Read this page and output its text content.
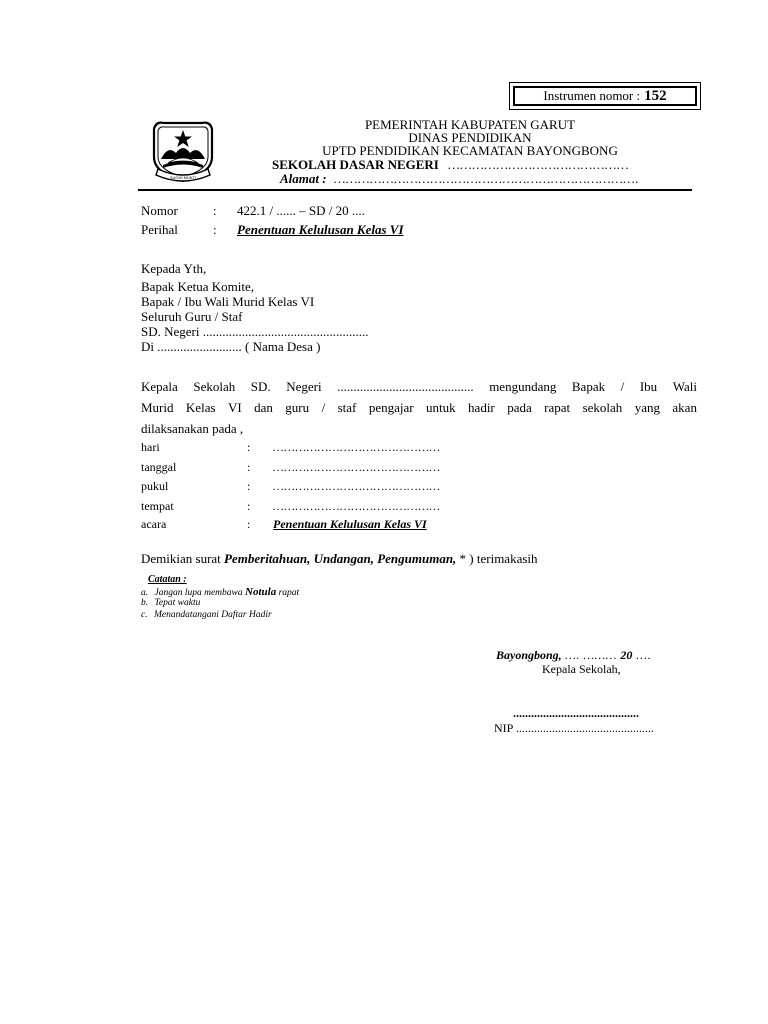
Instrumen nomor : 152
SUGIH MUKTI
PEMERINTAH KABUPATEN GARUT
DINAS PENDIDIKAN
UPTD PENDIDIKAN KECAMATAN BAYONGBONG
SEKOLAH DASAR NEGERI ………………………………………
Alamat : ………………………………………………………………….
Nomor	: 422.1 / ...... – SD / 20 ....
Perihal	: Penentuan Kelulusan Kelas VI
Kepada Yth,
Bapak Ketua Komite,
Bapak / Ibu Wali Murid Kelas VI
Seluruh Guru / Staf
SD. Negeri ...................................................
Di .......................... ( Nama Desa )
Kepala Sekolah SD. Negeri .......................................... mengundang Bapak / Ibu Wali
Murid Kelas VI dan guru / staf pengajar untuk hadir pada rapat sekolah yang akan
dilaksanakan pada ,
hari	: ………………………………………
tanggal	: ………………………………………
pukul	: ………………………………………
tempat	: ………………………………………
acara	: Penentuan Kelulusan Kelas VI
Demikian surat Pemberitahuan, Undangan, Pengumuman, * ) terimakasih
Catatan :
a. Jangan lupa membawa Notula rapat
b. Tepat waktu
c. Menandatangani Daftar Hadir
Bayongbong, …. ……… 20 ….
Kepala Sekolah,
..........................................
NIP ..............................................
